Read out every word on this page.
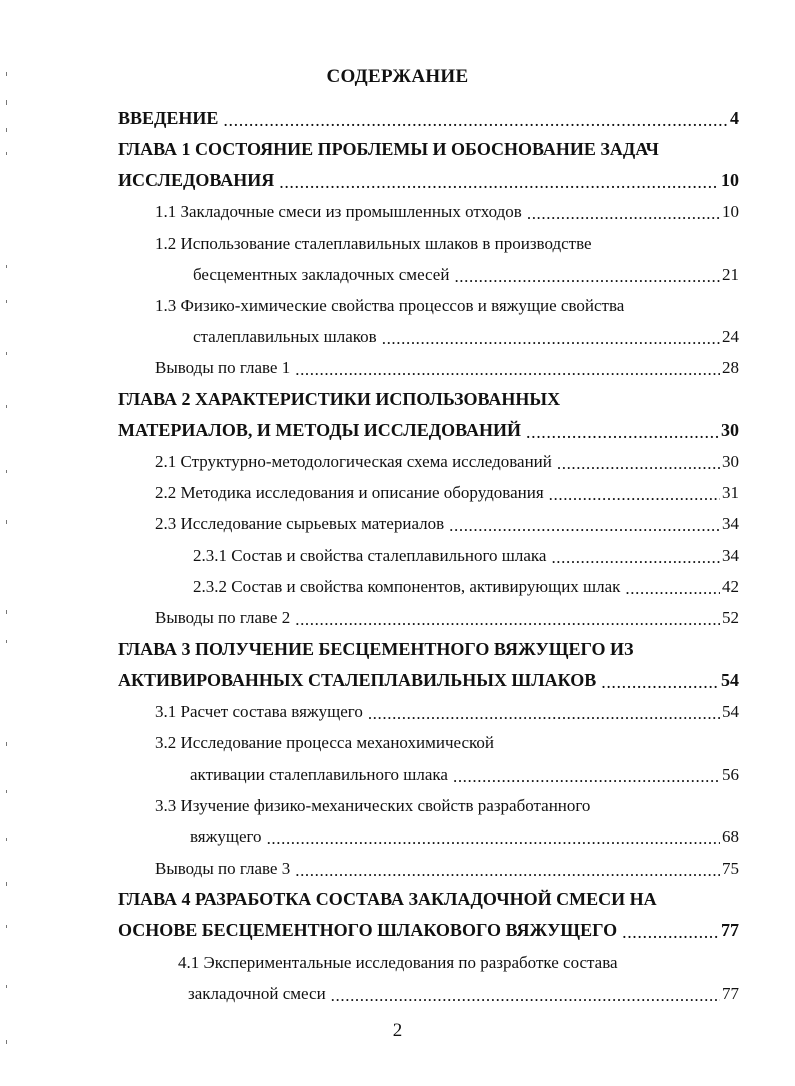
СОДЕРЖАНИЕ
ВВЕДЕНИЕ .....	4
ГЛАВА 1 СОСТОЯНИЕ ПРОБЛЕМЫ И ОБОСНОВАНИЕ ЗАДАЧ
ИССЛЕДОВАНИЯ .....	10
1.1 Закладочные смеси из промышленных отходов .....	10
1.2 Использование сталеплавильных шлаков в производстве
бесцементных закладочных смесей .....	21
1.3 Физико-химические свойства процессов и вяжущие свойства
сталеплавильных шлаков .....	24
Выводы по главе 1 .....	28
ГЛАВА 2 ХАРАКТЕРИСТИКИ ИСПОЛЬЗОВАННЫХ
МАТЕРИАЛОВ, И МЕТОДЫ ИССЛЕДОВАНИЙ .....	30
2.1 Структурно-методологическая схема исследований .....	30
2.2 Методика исследования и описание оборудования .....	31
2.3 Исследование сырьевых материалов .....	34
2.3.1 Состав и свойства сталеплавильного шлака .....	34
2.3.2 Состав и свойства компонентов, активирующих шлак .....	42
Выводы по главе 2 .....	52
ГЛАВА 3 ПОЛУЧЕНИЕ БЕСЦЕМЕНТНОГО ВЯЖУЩЕГО ИЗ
АКТИВИРОВАННЫХ СТАЛЕПЛАВИЛЬНЫХ ШЛАКОВ .....	54
3.1 Расчет состава вяжущего .....	54
3.2 Исследование процесса механохимической
активации сталеплавильного шлака .....	56
3.3 Изучение физико-механических свойств разработанного
вяжущего .....	68
Выводы по главе 3 .....	75
ГЛАВА 4 РАЗРАБОТКА СОСТАВА ЗАКЛАДОЧНОЙ СМЕСИ НА
ОСНОВЕ БЕСЦЕМЕНТНОГО ШЛАКОВОГО ВЯЖУЩЕГО .....	77
4.1 Экспериментальные исследования по разработке состава
закладочной смеси .....	77
2
